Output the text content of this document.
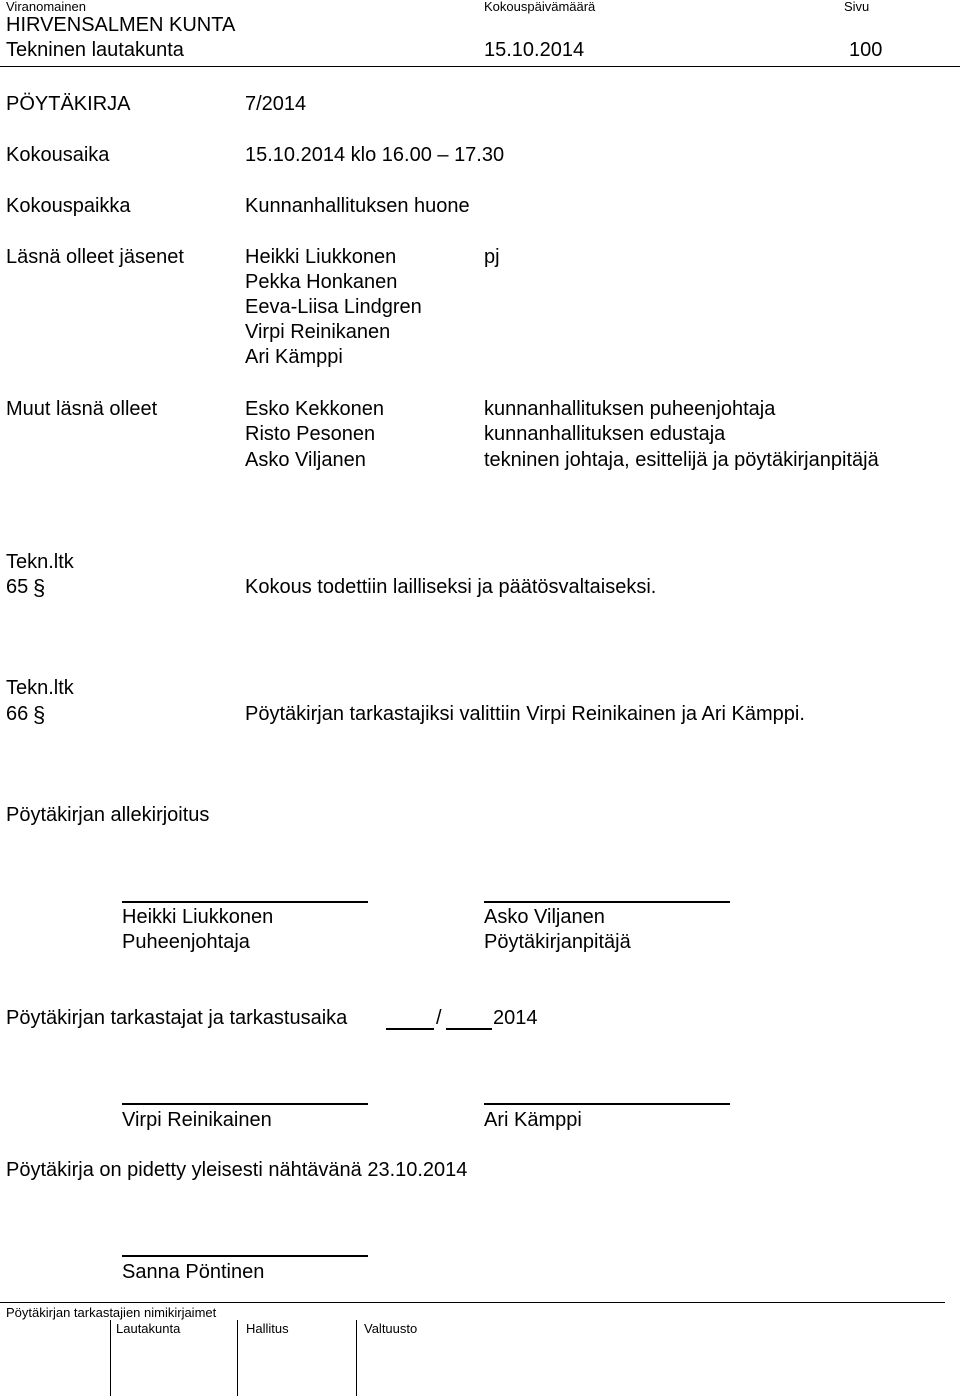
Viranomainen	Kokouspäivämäärä	Sivu
HIRVENSALMEN KUNTA
Tekninen lautakunta	15.10.2014	100
PÖYTÄKIRJA	7/2014
Kokousaika	15.10.2014 klo 16.00 – 17.30
Kokouspaikka	Kunnanhallituksen huone
Läsnä olleet jäsenet	Heikki Liukkonen	pj
Pekka Honkanen
Eeva-Liisa Lindgren
Virpi Reinikanen
Ari Kämppi
Muut läsnä olleet	Esko Kekkonen	kunnanhallituksen puheenjohtaja
Risto Pesonen	kunnanhallituksen edustaja
Asko Viljanen	tekninen johtaja, esittelijä ja pöytäkirjanpitäjä
Tekn.ltk
65 §	Kokous todettiin lailliseksi ja päätösvaltaiseksi.
Tekn.ltk
66 §	Pöytäkirjan tarkastajiksi valittiin Virpi Reinikainen ja Ari Kämppi.
Pöytäkirjan allekirjoitus
Heikki Liukkonen
Puheenjohtaja
Asko Viljanen
Pöytäkirjanpitäjä
Pöytäkirjan tarkastajat ja tarkastusaika	/	2014
Virpi Reinikainen	Ari Kämppi
Pöytäkirja on pidetty yleisesti nähtävänä 23.10.2014
Sanna Pöntinen
Pöytäkirjan tarkastajien nimikirjaimet
Lautakunta	Hallitus	Valtuusto
